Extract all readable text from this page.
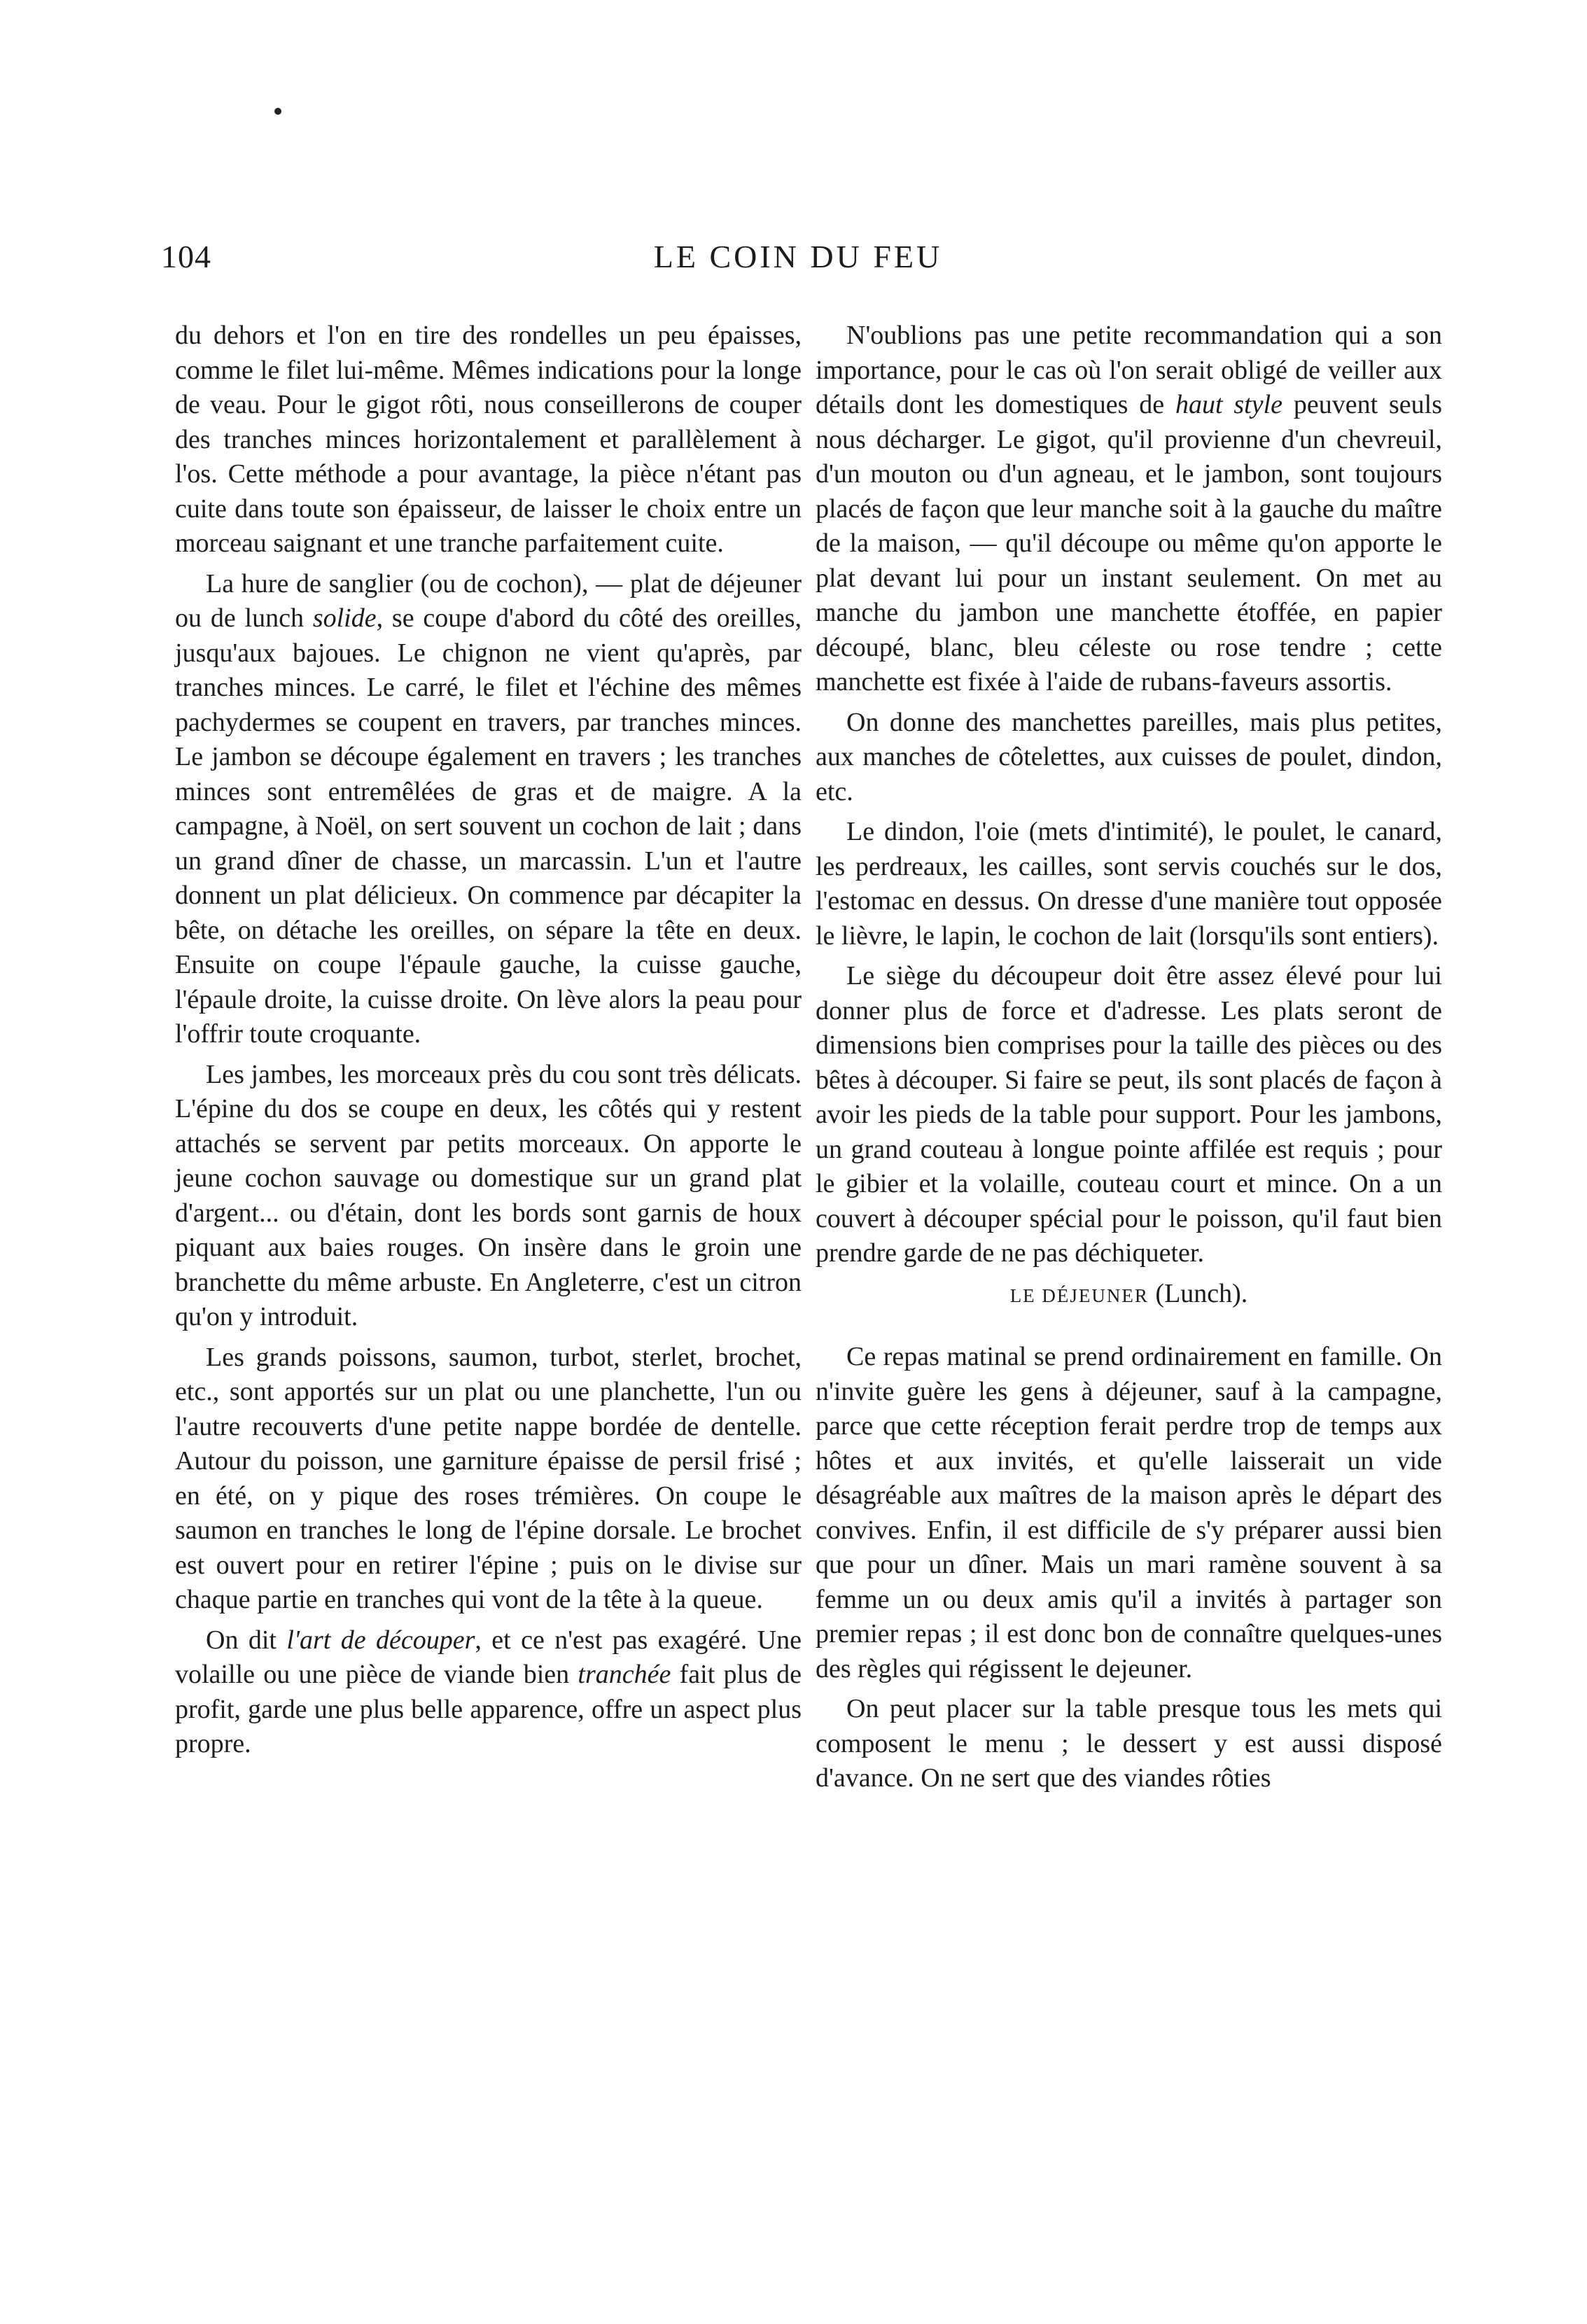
104	LE COIN DU FEU

du dehors et l'on en tire des rondelles un peu épaisses, comme le filet lui-même. Mêmes indications pour la longe de veau. Pour le gigot rôti, nous conseillerons de couper des tranches minces horizontalement et parallèlement à l'os. Cette méthode a pour avantage, la pièce n'étant pas cuite dans toute son épaisseur, de laisser le choix entre un morceau saignant et une tranche parfaitement cuite.

La hure de sanglier (ou de cochon), — plat de déjeuner ou de lunch solide, se coupe d'abord du côté des oreilles, jusqu'aux bajoues. Le chignon ne vient qu'après, par tranches minces. Le carré, le filet et l'échine des mêmes pachydermes se coupent en travers, par tranches minces. Le jambon se découpe également en travers ; les tranches minces sont entremêlées de gras et de maigre. A la campagne, à Noël, on sert souvent un cochon de lait ; dans un grand dîner de chasse, un marcassin. L'un et l'autre donnent un plat délicieux. On commence par décapiter la bête, on détache les oreilles, on sépare la tête en deux. Ensuite on coupe l'épaule gauche, la cuisse gauche, l'épaule droite, la cuisse droite. On lève alors la peau pour l'offrir toute croquante.

Les jambes, les morceaux près du cou sont très délicats. L'épine du dos se coupe en deux, les côtés qui y restent attachés se servent par petits morceaux. On apporte le jeune cochon sauvage ou domestique sur un grand plat d'argent... ou d'étain, dont les bords sont garnis de houx piquant aux baies rouges. On insère dans le groin une branchette du même arbuste. En Angleterre, c'est un citron qu'on y introduit.

Les grands poissons, saumon, turbot, sterlet, brochet, etc., sont apportés sur un plat ou une planchette, l'un ou l'autre recouverts d'une petite nappe bordée de dentelle. Autour du poisson, une garniture épaisse de persil frisé ; en été, on y pique des roses trémières. On coupe le saumon en tranches le long de l'épine dorsale. Le brochet est ouvert pour en retirer l'épine ; puis on le divise sur chaque partie en tranches qui vont de la tête à la queue.

On dit l'art de découper, et ce n'est pas exagéré. Une volaille ou une pièce de viande bien tranchée fait plus de profit, garde une plus belle apparence, offre un aspect plus propre.

N'oublions pas une petite recommandation qui a son importance, pour le cas où l'on serait obligé de veiller aux détails dont les domestiques de haut style peuvent seuls nous décharger. Le gigot, qu'il provienne d'un chevreuil, d'un mouton ou d'un agneau, et le jambon, sont toujours placés de façon que leur manche soit à la gauche du maître de la maison, — qu'il découpe ou même qu'on apporte le plat devant lui pour un instant seulement. On met au manche du jambon une manchette étoffée, en papier découpé, blanc, bleu céleste ou rose tendre ; cette manchette est fixée à l'aide de rubans-faveurs assortis.

On donne des manchettes pareilles, mais plus petites, aux manches de côtelettes, aux cuisses de poulet, dindon, etc.

Le dindon, l'oie (mets d'intimité), le poulet, le canard, les perdreaux, les cailles, sont servis couchés sur le dos, l'estomac en dessus. On dresse d'une manière tout opposée le lièvre, le lapin, le cochon de lait (lorsqu'ils sont entiers).

Le siège du découpeur doit être assez élevé pour lui donner plus de force et d'adresse. Les plats seront de dimensions bien comprises pour la taille des pièces ou des bêtes à découper. Si faire se peut, ils sont placés de façon à avoir les pieds de la table pour support. Pour les jambons, un grand couteau à longue pointe affilée est requis ; pour le gibier et la volaille, couteau court et mince. On a un couvert à découper spécial pour le poisson, qu'il faut bien prendre garde de ne pas déchiqueter.

LE DÉJEUNER (Lunch).

Ce repas matinal se prend ordinairement en famille. On n'invite guère les gens à déjeuner, sauf à la campagne, parce que cette réception ferait perdre trop de temps aux hôtes et aux invités, et qu'elle laisserait un vide désagréable aux maîtres de la maison après le départ des convives. Enfin, il est difficile de s'y préparer aussi bien que pour un dîner. Mais un mari ramène souvent à sa femme un ou deux amis qu'il a invités à partager son premier repas ; il est donc bon de connaître quelques-unes des règles qui régissent le dejeuner.

On peut placer sur la table presque tous les mets qui composent le menu ; le dessert y est aussi disposé d'avance. On ne sert que des viandes rôties
